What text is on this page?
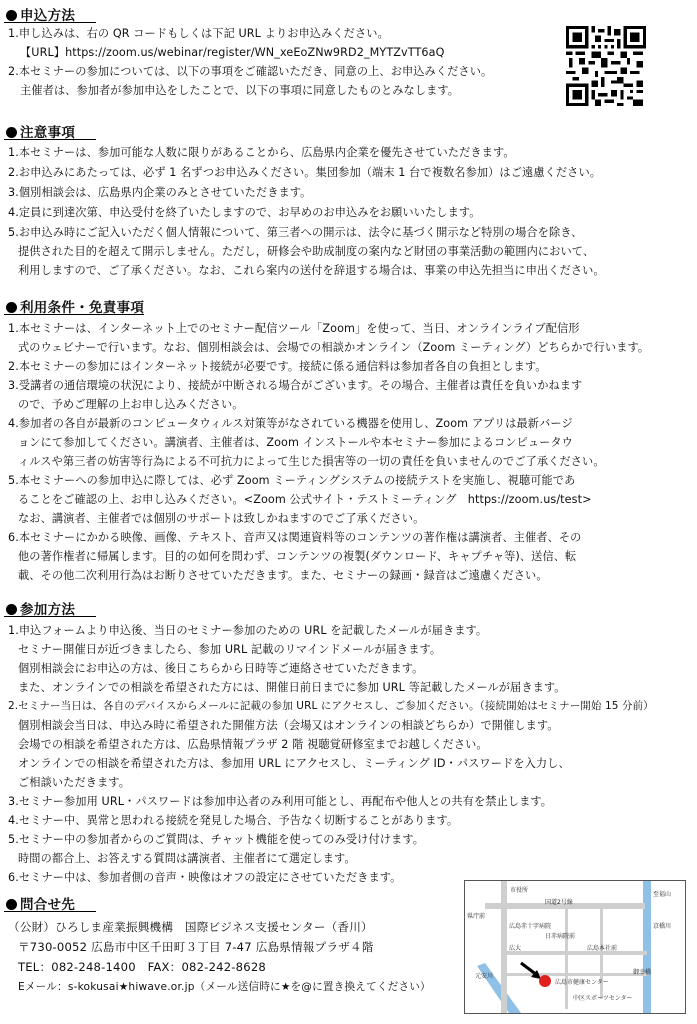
申込方法
1.申し込みは、右の QR コードもしくは下記 URL よりお申込みください。
【URL】https://zoom.us/webinar/register/WN_xeEoZNw9RD2_MYTZvTT6aQ
2.本セミナーの参加については、以下の事項をご確認いただき、同意の上、お申込みください。
主催者は、参加者が参加申込をしたことで、以下の事項に同意したものとみなします。
注意事項
1.本セミナーは、参加可能な人数に限りがあることから、広島県内企業を優先させていただきます。
2.お申込みにあたっては、必ず 1 名ずつお申込みください。集団参加（端末 1 台で複数名参加）はご遠慮ください。
3.個別相談会は、広島県内企業のみとさせていただきます。
4.定員に到達次第、申込受付を終了いたしますので、お早めのお申込みをお願いいたします。
5.お申込み時にご記入いただく個人情報について、第三者への開示は、法令に基づく開示など特別の場合を除き、
提供された目的を超えて開示しません。ただし，研修会や助成制度の案内など財団の事業活動の範囲内において、
利用しますので、ご了承ください。なお、これら案内の送付を辞退する場合は、事業の申込先担当に申出ください。
利用条件・免責事項
1.本セミナーは、インターネット上でのセミナー配信ツール「Zoom」を使って、当日、オンラインライブ配信形
式のウェビナーで行います。なお、個別相談会は、会場での相談かオンライン（Zoom ミーティング）どちらかで行います。
2.本セミナーの参加にはインターネット接続が必要です。接続に係る通信料は参加者各自の負担とします。
3.受講者の通信環境の状況により、接続が中断される場合がございます。その場合、主催者は責任を負いかねます
ので、予めご理解の上お申し込みください。
4.参加者の各自が最新のコンピュータウィルス対策等がなされている機器を使用し、Zoom アプリは最新バージ
ョンにて参加してください。講演者、主催者は、Zoom インストールや本セミナー参加によるコンピュータウ
ィルスや第三者の妨害等行為による不可抗力によって生じた損害等の一切の責任を負いませんのでご了承ください。
5.本セミナーへの参加申込に際しては、必ず Zoom ミーティングシステムの接続テストを実施し、視聴可能であ
ることをご確認の上、お申し込みください。<Zoom 公式サイト・テストミーティング　https://zoom.us/test>
なお、講演者、主催者では個別のサポートは致しかねますのでご了承ください。
6.本セミナーにかかる映像、画像、テキスト、音声又は関連資料等のコンテンツの著作権は講演者、主催者、その
他の著作権者に帰属します。目的の如何を問わず、コンテンツの複製(ダウンロード、キャプチャ等)、送信、転
載、その他二次利用行為はお断りさせていただきます。また、セミナーの録画・録音はご遠慮ください。
参加方法
1.申込フォームより申込後、当日のセミナー参加のための URL を記載したメールが届きます。
セミナー開催日が近づきましたら、参加 URL 記載のリマインドメールが届きます。
個別相談会にお申込の方は、後日こちらから日時等ご連絡させていただきます。
また、オンラインでの相談を希望された方には、開催日前日までに参加 URL 等記載したメールが届きます。
2.セミナー当日は、各自のデバイスからメールに記載の参加 URL にアクセスし、ご参加ください。（接続開始はセミナー開始 15 分前）
個別相談会当日は、申込み時に希望された開催方法（会場又はオンラインの相談どちらか）で開催します。
会場での相談を希望された方は、広島県情報プラザ 2 階 視聴覚研修室までお越しください。
オンラインでの相談を希望された方は、参加用 URL にアクセスし、ミーティング ID・パスワードを入力し、
ご相談いただきます。
3.セミナー参加用 URL・パスワードは参加申込者のみ利用可能とし、再配布や他人との共有を禁止します。
4.セミナー中、異常と思われる接続を発見した場合、予告なく切断することがあります。
5.セミナー中の参加者からのご質問は、チャット機能を使ってのみ受け付けます。
時間の都合上、お答えする質問は講演者、主催者にて選定します。
6.セミナー中は、参加者側の音声・映像はオフの設定にさせていただきます。
問合せ先
（公財）ひろしま産業振興機構　国際ビジネス支援センター（香川）
〒730-0052 広島市中区千田町３丁目 7-47 広島県情報プラザ４階
TEL：082-248-1400　FAX：082-242-8628
Eメール：s-kokusai★hiwave.or.jp（メール送信時に★を@に置き換えてください）
市役所
国道2号線
至福山
県庁前
広島赤十字病院
日赤病院前
広大	広島本社前
広島市健康センター
御幸橋
中区スポーツセンター
京橋川
元安川
